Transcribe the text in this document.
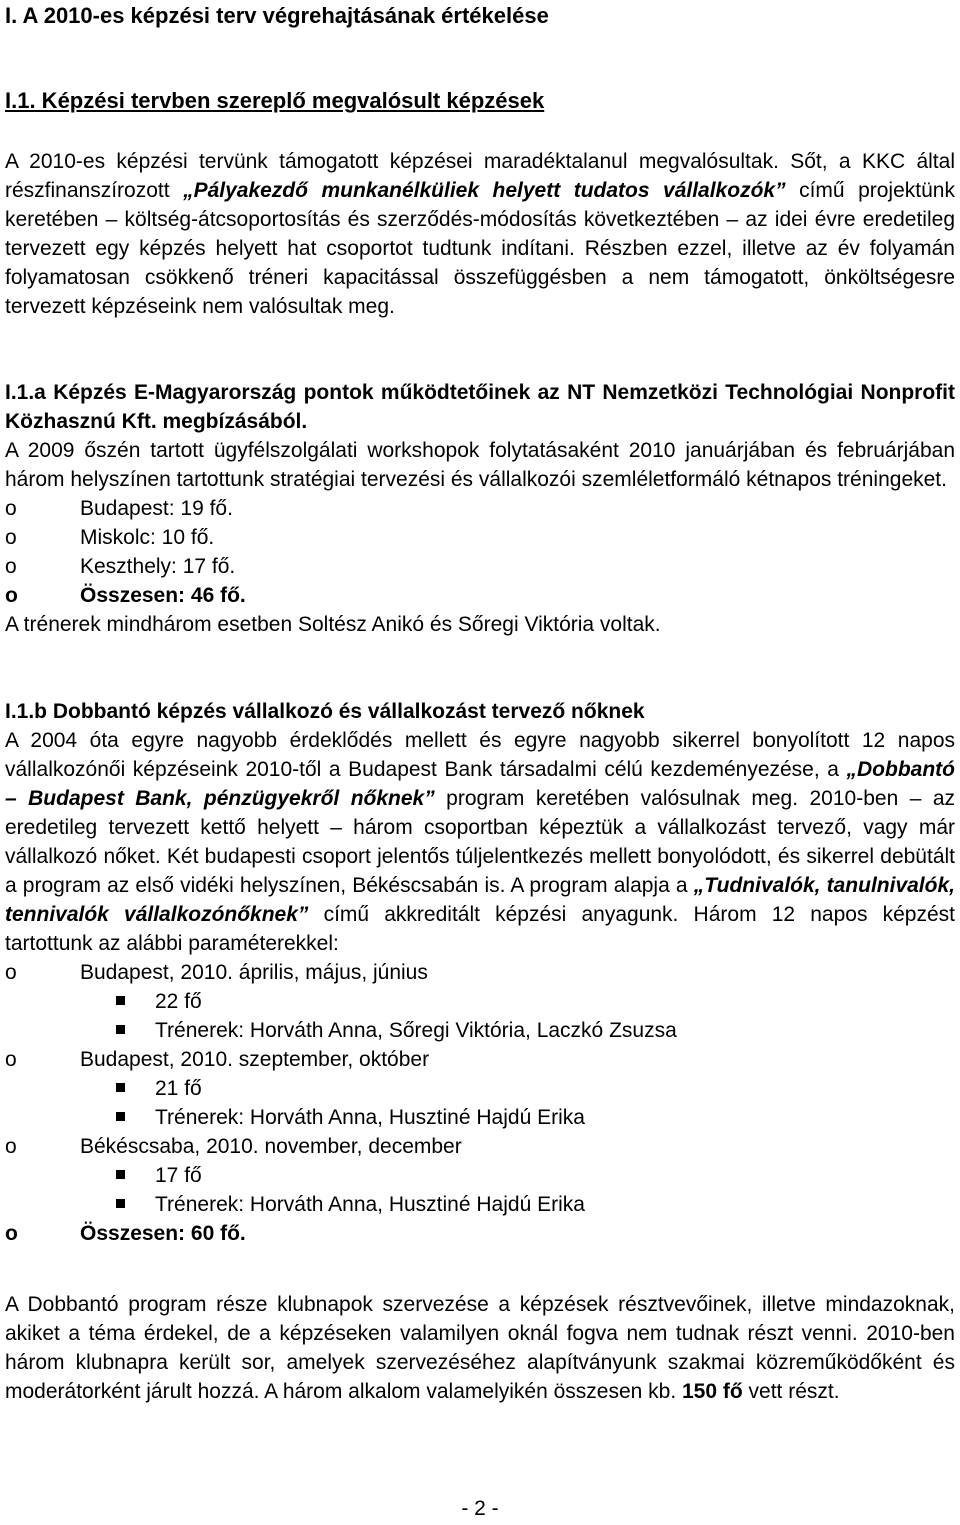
I. A 2010-es képzési terv végrehajtásának értékelése
I.1. Képzési tervben szereplő megvalósult képzések
A 2010-es képzési tervünk támogatott képzései maradéktalanul megvalósultak. Sőt, a KKC által részfinanszírozott „Pályakezdő munkanélküliek helyett tudatos vállalkozók” című projektünk keretében – költség-átcsoportosítás és szerződés-módosítás következtében – az idei évre eredetileg tervezett egy képzés helyett hat csoportot tudtunk indítani. Részben ezzel, illetve az év folyamán folyamatosan csökkenő tréneri kapacitással összefüggésben a nem támogatott, önköltségesre tervezett képzéseink nem valósultak meg.
I.1.a Képzés E-Magyarország pontok működtetőinek az NT Nemzetközi Technológiai Nonprofit Közhasznú Kft. megbízásából.
A 2009 őszén tartott ügyfélszolgálati workshopok folytatásaként 2010 januárjában és februárjában három helyszínen tartottunk stratégiai tervezési és vállalkozói szemléletformáló kétnapos tréningeket.
o Budapest: 19 fő.
o Miskolc: 10 fő.
o Keszthely: 17 fő.
o Összesen: 46 fő.
A trénerek mindhárom esetben Soltész Anikó és Sőregi Viktória voltak.
I.1.b Dobbantó képzés vállalkozó és vállalkozást tervező nőknek
A 2004 óta egyre nagyobb érdeklődés mellett és egyre nagyobb sikerrel bonyolított 12 napos vállalkozónői képzéseink 2010-től a Budapest Bank társadalmi célú kezdeményezése, a „Dobbantó – Budapest Bank, pénzügyekről nőknek” program keretében valósulnak meg. 2010-ben – az eredetileg tervezett kettő helyett – három csoportban képeztük a vállalkozást tervező, vagy már vállalkozó nőket. Két budapesti csoport jelentős túljelentkezés mellett bonyolódott, és sikerrel debütált a program az első vidéki helyszínen, Békéscsabán is. A program alapja a „Tudnivalók, tanulnivalók, tennivalók vállalkozónőknek” című akkreditált képzési anyagunk. Három 12 napos képzést tartottunk az alábbi paraméterekkel:
o Budapest, 2010. április, május, június
22 fő
Trénerek: Horváth Anna, Sőregi Viktória, Laczkó Zsuzsa
o Budapest, 2010. szeptember, október
21 fő
Trénerek: Horváth Anna, Husztiné Hajdú Erika
o Békéscsaba, 2010. november, december
17 fő
Trénerek: Horváth Anna, Husztiné Hajdú Erika
o Összesen: 60 fő.
A Dobbantó program része klubnapok szervezése a képzések résztvevőinek, illetve mindazoknak, akiket a téma érdekel, de a képzéseken valamilyen oknál fogva nem tudnak részt venni. 2010-ben három klubnapra került sor, amelyek szervezéséhez alapítványunk szakmai közreműködőként és moderátorként járult hozzá. A három alkalom valamelyikén összesen kb. 150 fő vett részt.
- 2 -
